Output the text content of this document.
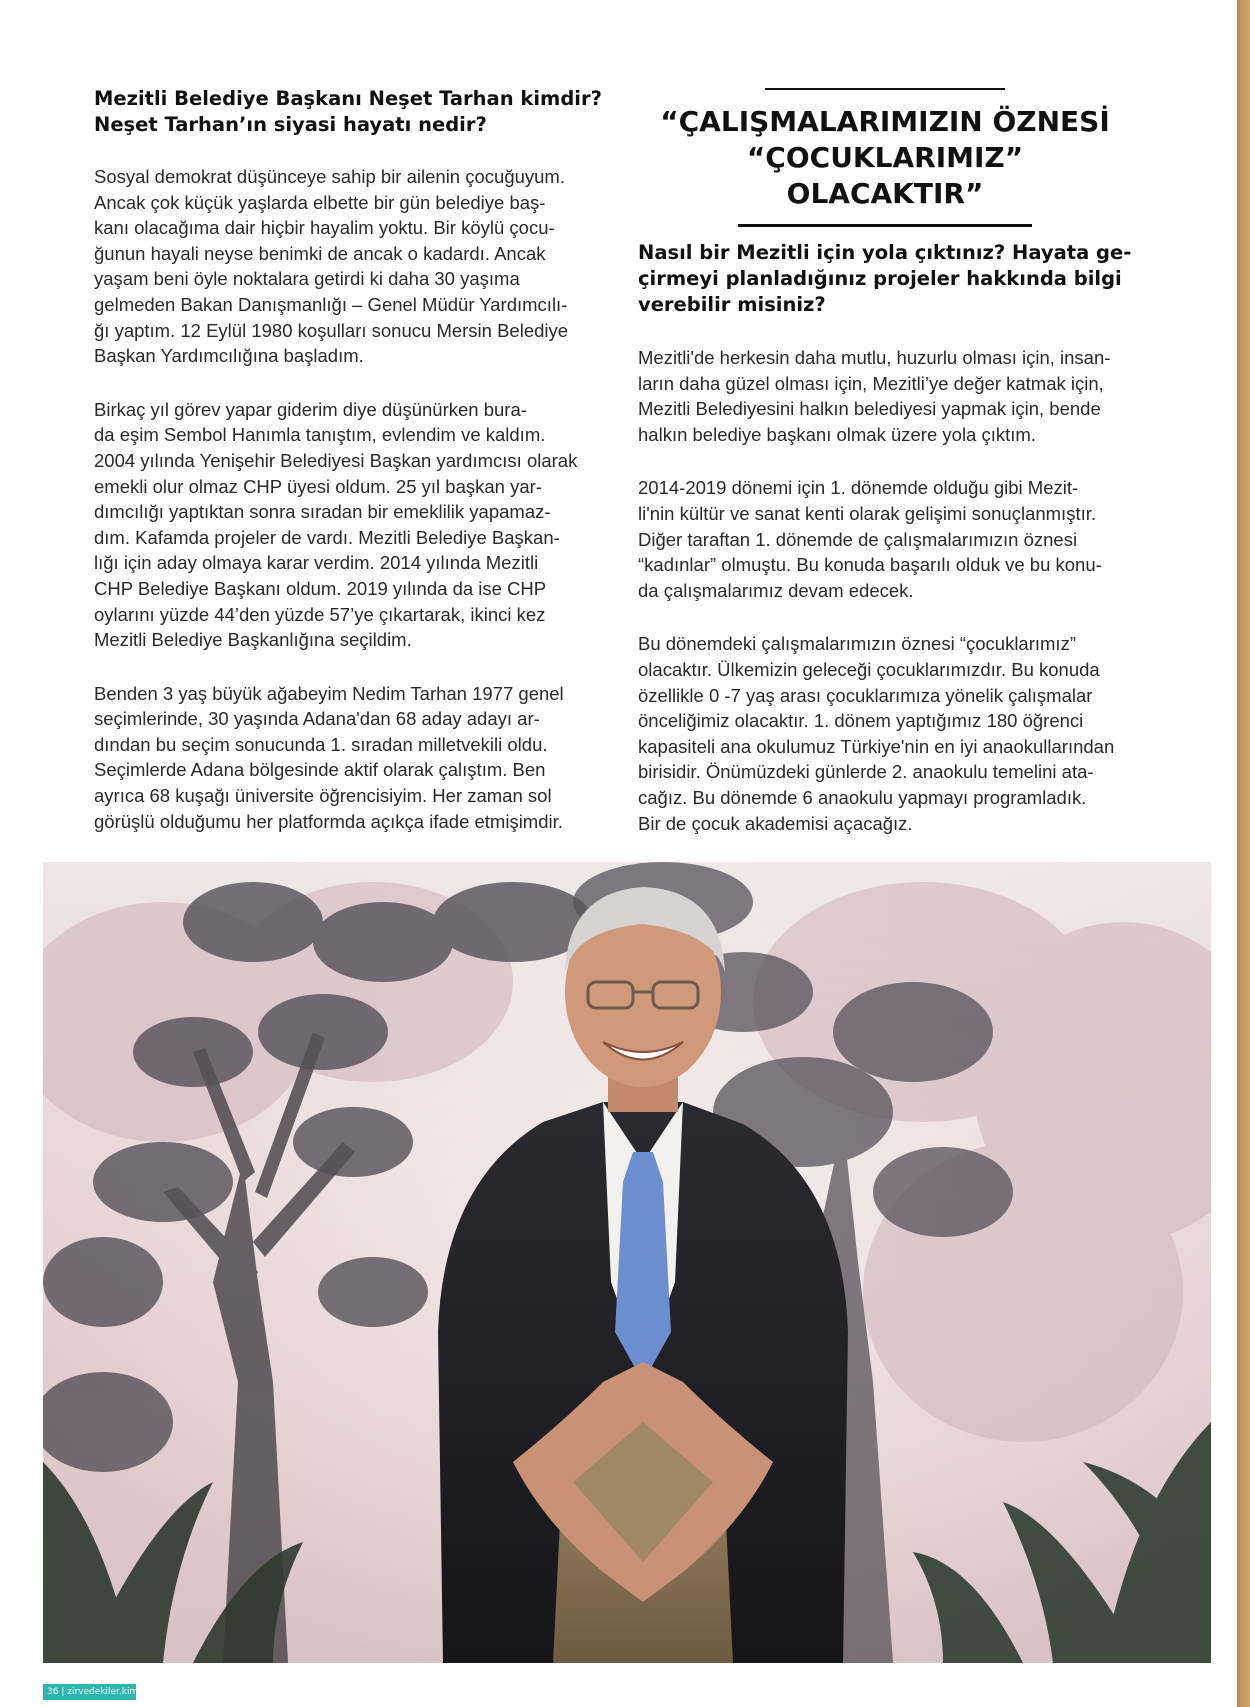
Mezitli Belediye Başkanı Neşet Tarhan kimdir? Neşet Tarhan’ın siyasi hayatı nedir?

Sosyal demokrat düşünceye sahip bir ailenin çocuğuyum.
Ancak çok küçük yaşlarda elbette bir gün belediye baş-
kanı olacağıma dair hiçbir hayalim yoktu. Bir köylü çocu-
ğunun hayali neyse benimki de ancak o kadardı. Ancak
yaşam beni öyle noktalara getirdi ki daha 30 yaşıma
gelmeden Bakan Danışmanlığı – Genel Müdür Yardımcılı-
ğı yaptım. 12 Eylül 1980 koşulları sonucu Mersin Belediye
Başkan Yardımcılığına başladım.

Birkaç yıl görev yapar giderim diye düşünürken bura-
da eşim Sembol Hanımla tanıştım, evlendim ve kaldım.
2004 yılında Yenişehir Belediyesi Başkan yardımcısı olarak
emekli olur olmaz CHP üyesi oldum. 25 yıl başkan yar-
dımcılığı yaptıktan sonra sıradan bir emeklilik yapamaz-
dım. Kafamda projeler de vardı. Mezitli Belediye Başkan-
lığı için aday olmaya karar verdim. 2014 yılında Mezitli
CHP Belediye Başkanı oldum. 2019 yılında da ise CHP
oylarını yüzde 44’den yüzde 57’ye çıkartarak, ikinci kez
Mezitli Belediye Başkanlığına seçildim.

Benden 3 yaş büyük ağabeyim Nedim Tarhan 1977 genel
seçimlerinde, 30 yaşında Adana'dan 68 aday adayı ar-
dından bu seçim sonucunda 1. sıradan milletvekili oldu.
Seçimlerde Adana bölgesinde aktif olarak çalıştım. Ben
ayrıca 68 kuşağı üniversite öğrencisiyim. Her zaman sol
görüşlü olduğumu her platformda açıkça ifade etmişimdir.

“ÇALIŞMALARIMIZIN ÖZNESİ
“ÇOCUKLARIMIZ”
OLACAKTIR”

Nasıl bir Mezitli için yola çıktınız? Hayata ge-
çirmeyi planladığınız projeler hakkında bilgi
verebilir misiniz?

Mezitli'de herkesin daha mutlu, huzurlu olması için, insan-
ların daha güzel olması için, Mezitli’ye değer katmak için,
Mezitli Belediyesini halkın belediyesi yapmak için, bende
halkın belediye başkanı olmak üzere yola çıktım.

2014-2019 dönemi için 1. dönemde olduğu gibi Mezit-
li'nin kültür ve sanat kenti olarak gelişimi sonuçlanmıştır.
Diğer taraftan 1. dönemde de çalışmalarımızın öznesi
“kadınlar” olmuştu. Bu konuda başarılı olduk ve bu konu-
da çalışmalarımız devam edecek.

Bu dönemdeki çalışmalarımızın öznesi “çocuklarımız”
olacaktır. Ülkemizin geleceği çocuklarımızdır. Bu konuda
özellikle 0 -7 yaş arası çocuklarımıza yönelik çalışmalar
önceliğimiz olacaktır. 1. dönem yaptığımız 180 öğrenci
kapasiteli ana okulumuz Türkiye'nin en iyi anaokullarından
birisidir. Önümüzdeki günlerde 2. anaokulu temelini ata-
cağız. Bu dönemde 6 anaokulu yapmayı programladık.
Bir de çocuk akademisi açacağız.

36 | zirvedekiler.kim
